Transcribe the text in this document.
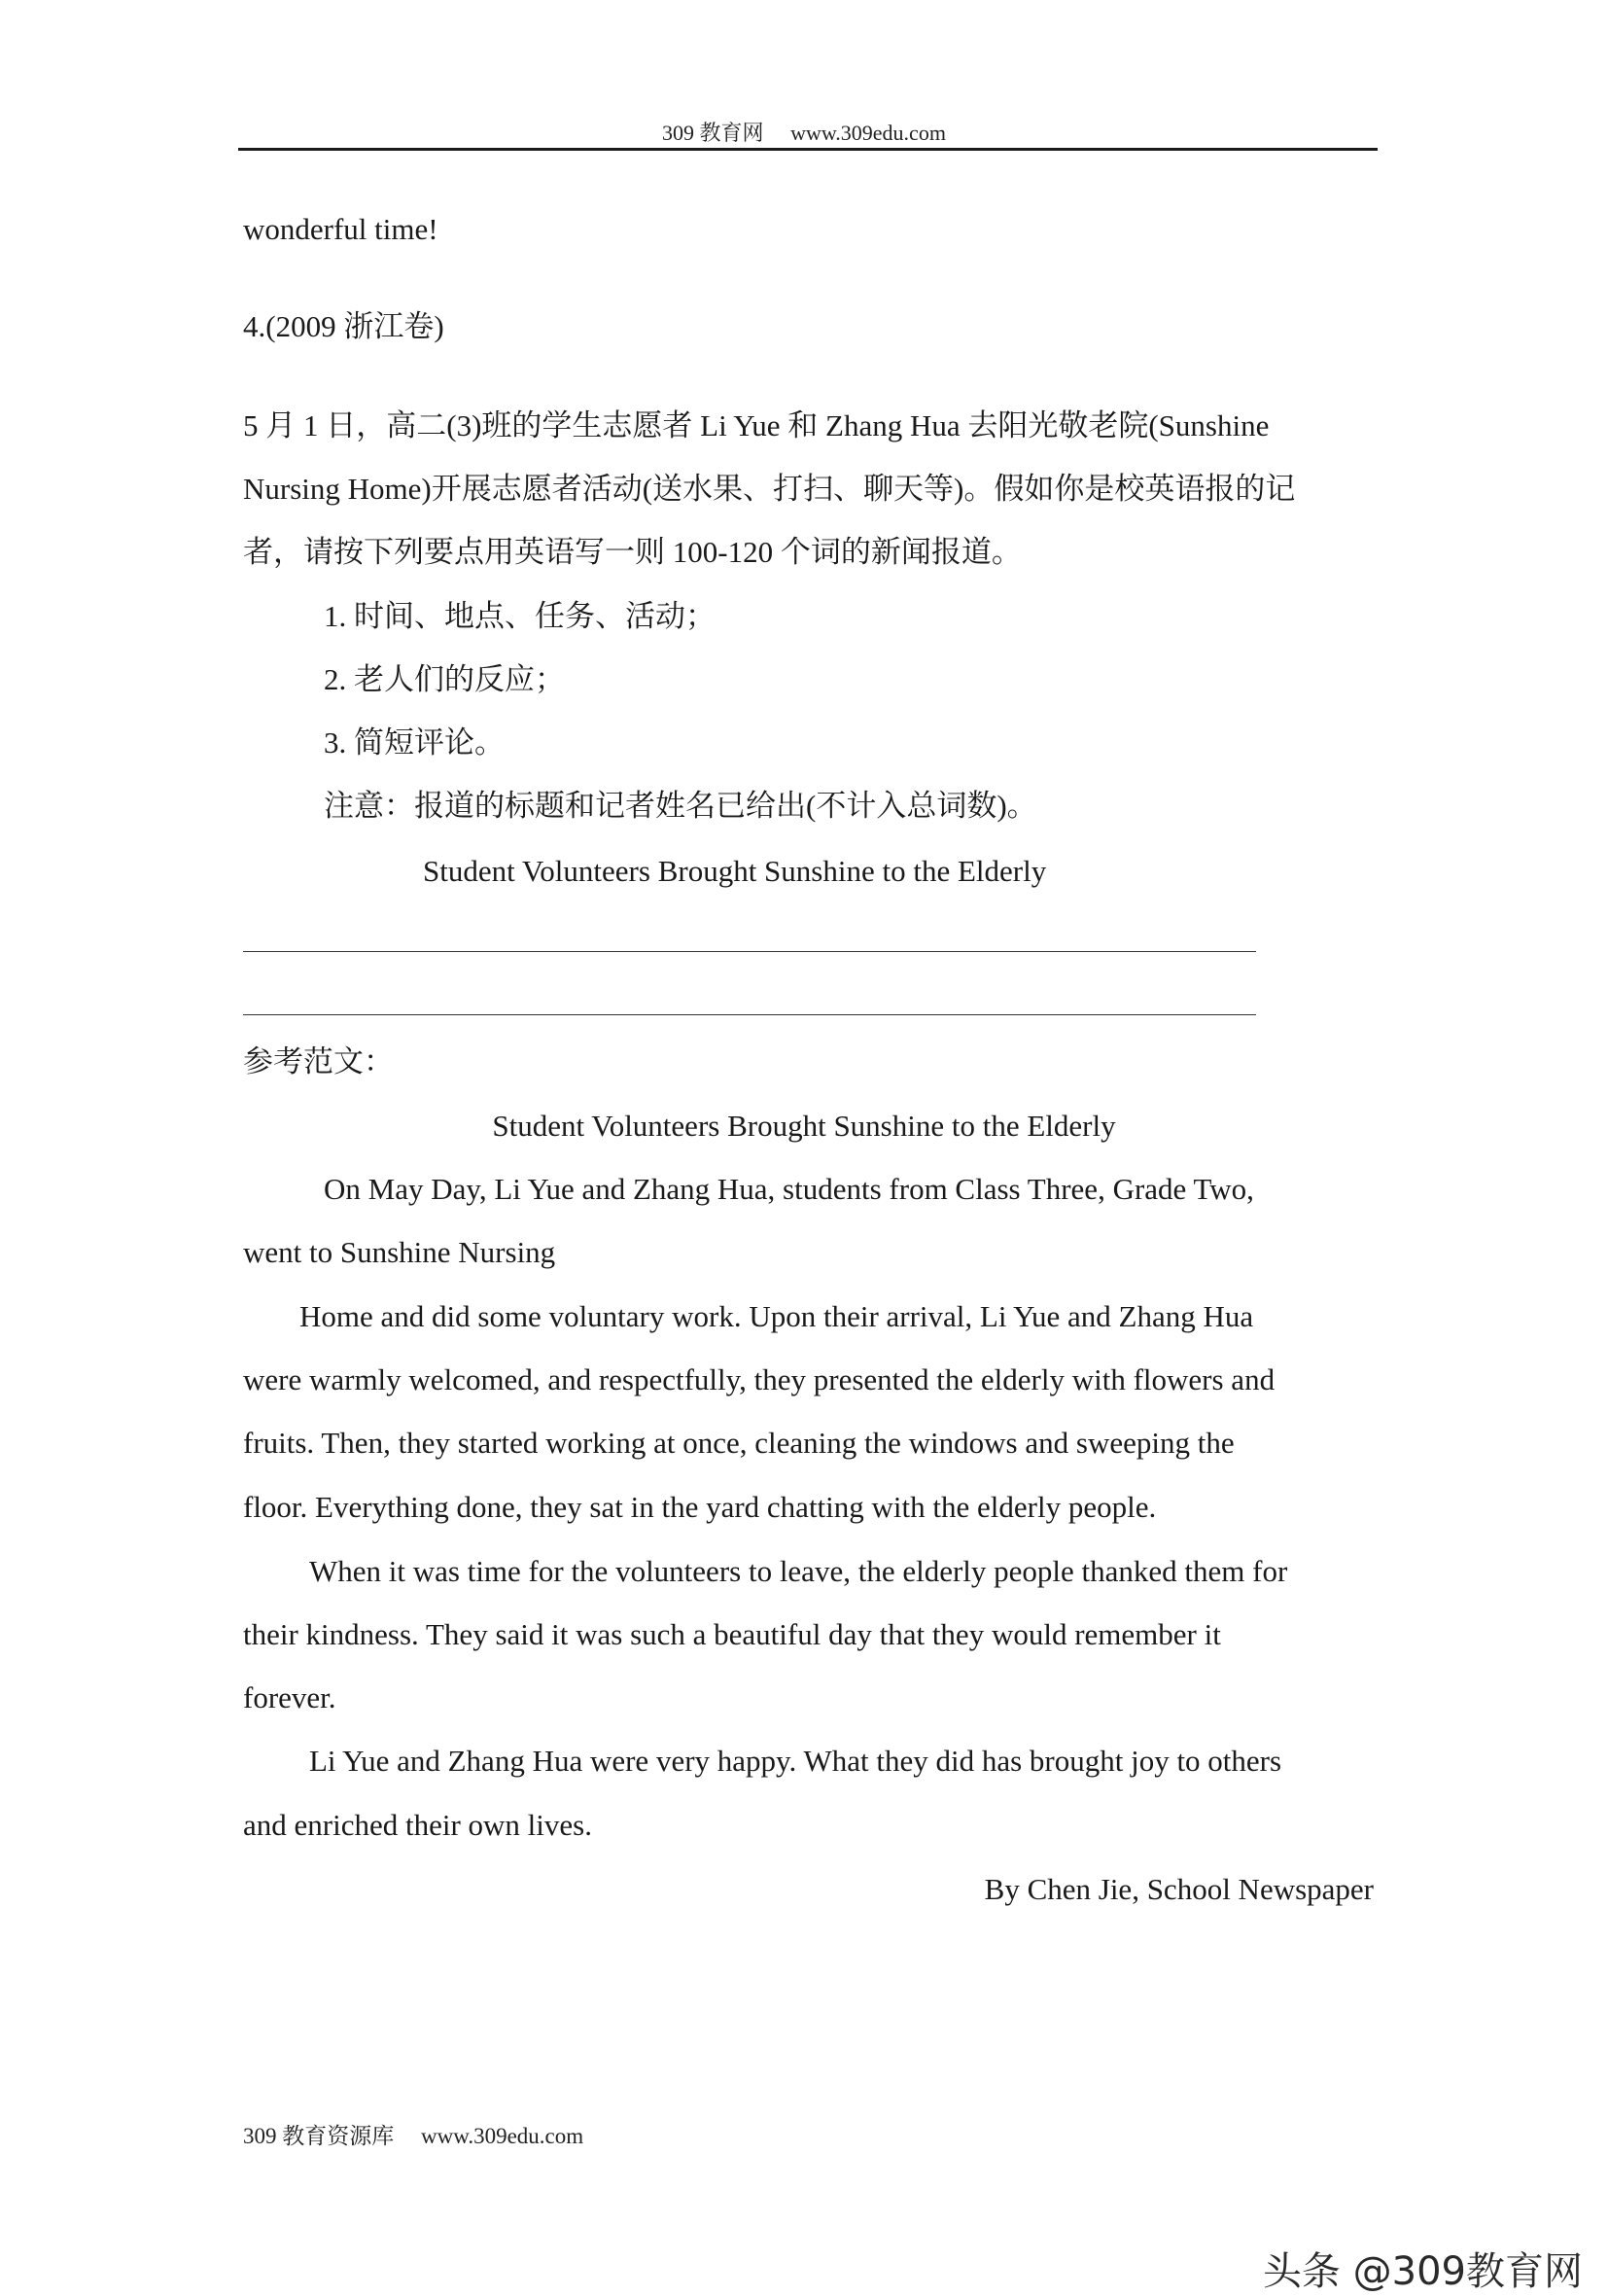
309 教育网 www.309edu.com
wonderful time!
4.(2009 浙江卷)
5 月 1 日，高二(3)班的学生志愿者 Li Yue 和 Zhang Hua 去阳光敬老院(Sunshine
Nursing Home)开展志愿者活动(送水果、打扫、聊天等)。假如你是校英语报的记
者，请按下列要点用英语写一则 100-120 个词的新闻报道。
1. 时间、地点、任务、活动；
2. 老人们的反应；
3. 简短评论。
注意：报道的标题和记者姓名已给出(不计入总词数)。
Student Volunteers Brought Sunshine to the Elderly
参考范文：
Student Volunteers Brought Sunshine to the Elderly
On May Day, Li Yue and Zhang Hua, students from Class Three, Grade Two,
went to Sunshine Nursing
Home and did some voluntary work. Upon their arrival, Li Yue and Zhang Hua
were warmly welcomed, and respectfully, they presented the elderly with flowers and
fruits. Then, they started working at once, cleaning the windows and sweeping the
floor. Everything done, they sat in the yard chatting with the elderly people.
When it was time for the volunteers to leave, the elderly people thanked them for
their kindness. They said it was such a beautiful day that they would remember it
forever.
Li Yue and Zhang Hua were very happy. What they did has brought joy to others
and enriched their own lives.
By Chen Jie, School Newspaper
309 教育资源库 www.309edu.com
头条 @309教育网
